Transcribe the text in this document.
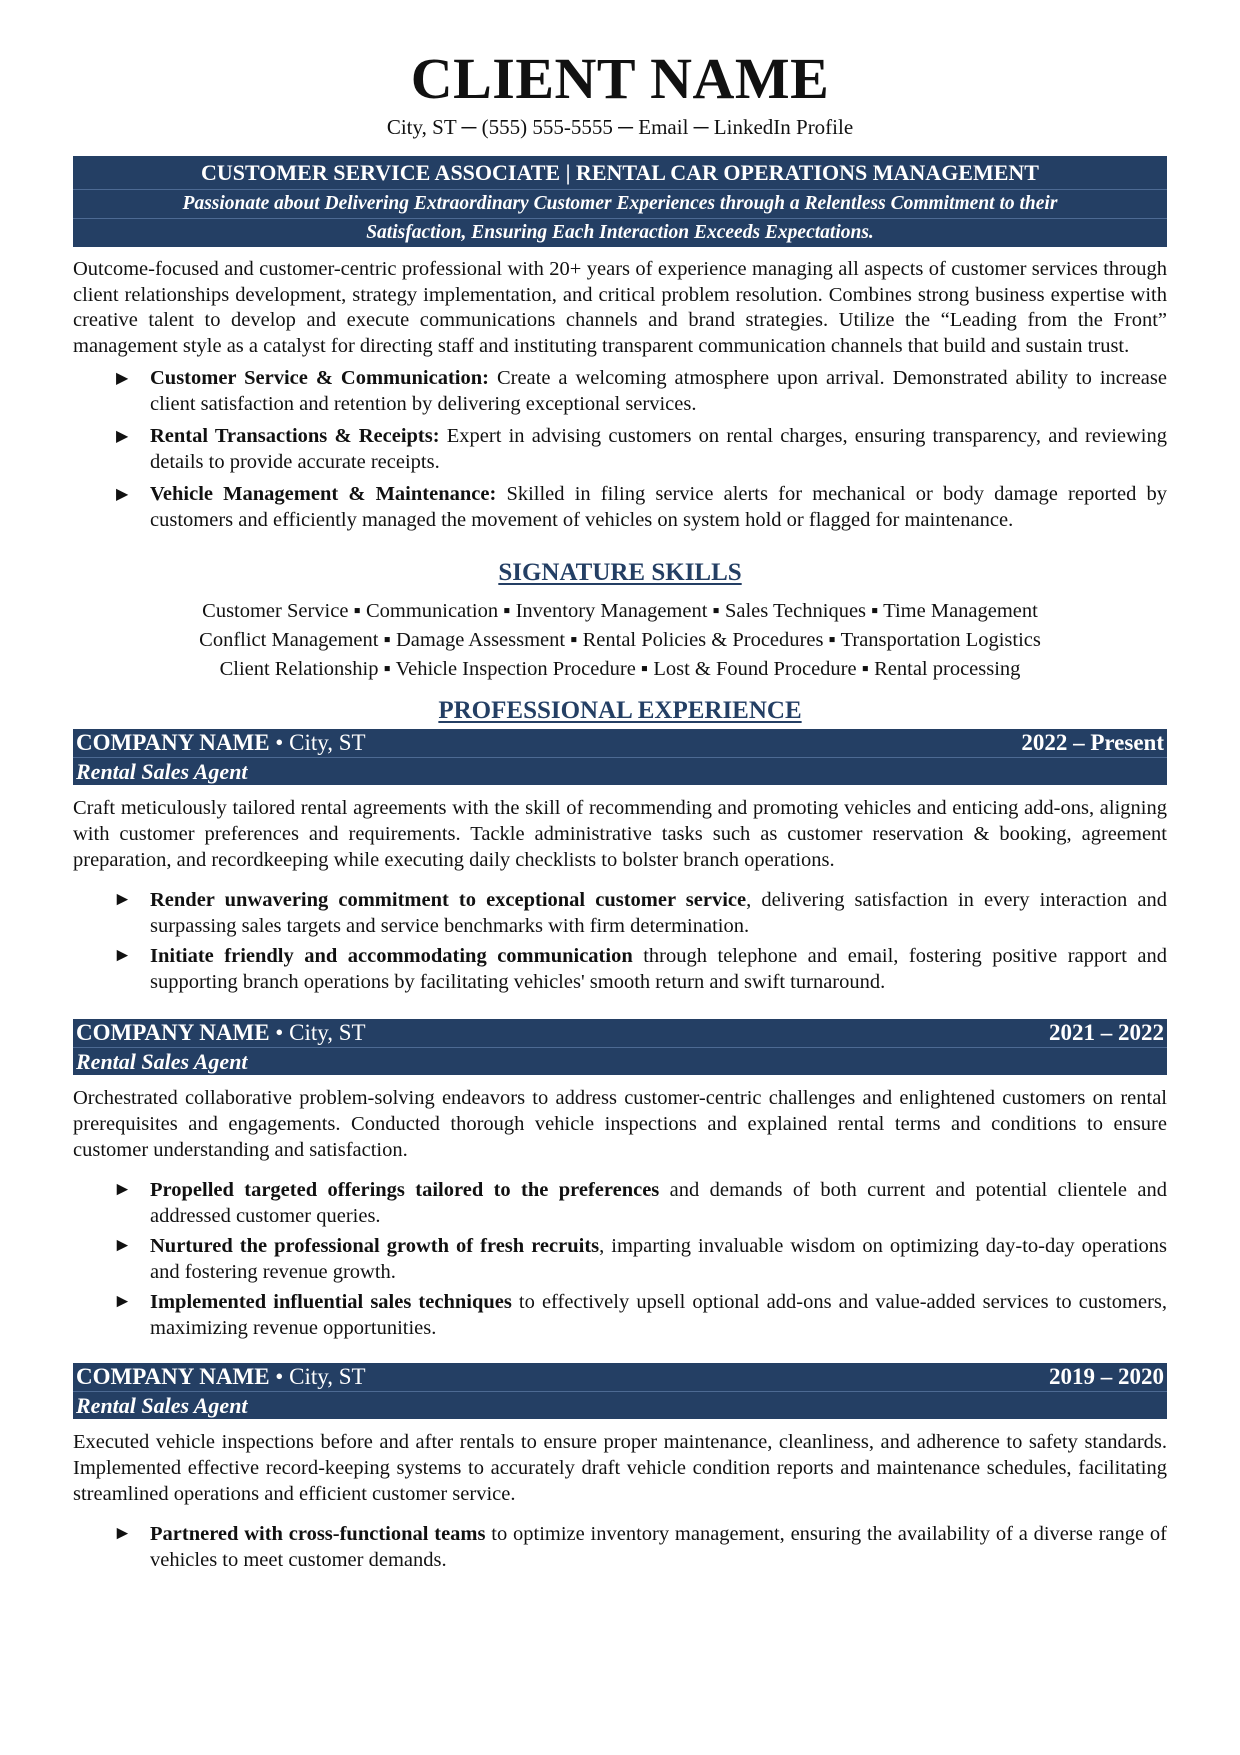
CLIENT NAME
City, ST ─ (555) 555-5555 ─ Email ─ LinkedIn Profile
CUSTOMER SERVICE ASSOCIATE | RENTAL CAR OPERATIONS MANAGEMENT
Passionate about Delivering Extraordinary Customer Experiences through a Relentless Commitment to their
Satisfaction, Ensuring Each Interaction Exceeds Expectations.
Outcome-focused and customer-centric professional with 20+ years of experience managing all aspects of customer services through client relationships development, strategy implementation, and critical problem resolution. Combines strong business expertise with creative talent to develop and execute communications channels and brand strategies. Utilize the “Leading from the Front” management style as a catalyst for directing staff and instituting transparent communication channels that build and sustain trust.
▶ Customer Service & Communication: Create a welcoming atmosphere upon arrival. Demonstrated ability to increase client satisfaction and retention by delivering exceptional services.
▶ Rental Transactions & Receipts: Expert in advising customers on rental charges, ensuring transparency, and reviewing details to provide accurate receipts.
▶ Vehicle Management & Maintenance: Skilled in filing service alerts for mechanical or body damage reported by customers and efficiently managed the movement of vehicles on system hold or flagged for maintenance.
SIGNATURE SKILLS
Customer Service ▪ Communication ▪ Inventory Management ▪ Sales Techniques ▪ Time Management
Conflict Management ▪ Damage Assessment ▪ Rental Policies & Procedures ▪ Transportation Logistics
Client Relationship ▪ Vehicle Inspection Procedure ▪ Lost & Found Procedure ▪ Rental processing
PROFESSIONAL EXPERIENCE
COMPANY NAME • City, ST	2022 – Present
Rental Sales Agent
Craft meticulously tailored rental agreements with the skill of recommending and promoting vehicles and enticing add-ons, aligning with customer preferences and requirements. Tackle administrative tasks such as customer reservation & booking, agreement preparation, and recordkeeping while executing daily checklists to bolster branch operations.
► Render unwavering commitment to exceptional customer service, delivering satisfaction in every interaction and surpassing sales targets and service benchmarks with firm determination.
► Initiate friendly and accommodating communication through telephone and email, fostering positive rapport and supporting branch operations by facilitating vehicles' smooth return and swift turnaround.
COMPANY NAME • City, ST	2021 – 2022
Rental Sales Agent
Orchestrated collaborative problem-solving endeavors to address customer-centric challenges and enlightened customers on rental prerequisites and engagements. Conducted thorough vehicle inspections and explained rental terms and conditions to ensure customer understanding and satisfaction.
► Propelled targeted offerings tailored to the preferences and demands of both current and potential clientele and addressed customer queries.
► Nurtured the professional growth of fresh recruits, imparting invaluable wisdom on optimizing day-to-day operations and fostering revenue growth.
► Implemented influential sales techniques to effectively upsell optional add-ons and value-added services to customers, maximizing revenue opportunities.
COMPANY NAME • City, ST	2019 – 2020
Rental Sales Agent
Executed vehicle inspections before and after rentals to ensure proper maintenance, cleanliness, and adherence to safety standards. Implemented effective record-keeping systems to accurately draft vehicle condition reports and maintenance schedules, facilitating streamlined operations and efficient customer service.
► Partnered with cross-functional teams to optimize inventory management, ensuring the availability of a diverse range of vehicles to meet customer demands.
